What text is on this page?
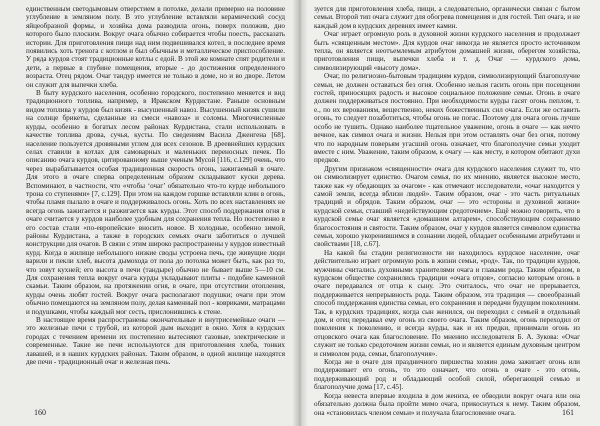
единственным светодымовым отверстием в потолке, делали примерно на половине углубление в земляном полу. В это углубление вставляли керамический сосуд яйцеобразной формы, и хозяйка дома разводила огонь, поверх положив, дно которого было плоским. Вокруг очага обычно собирается чтобы поесть, рассказать истории. Для приготовления пищи над ним подвешивался котел, в последнее время появились хоть тренога с котлом и был обычным и металлическое приспособление. У ряда курдов стоят традиционные котлы с едой. В этой же комнате спят родители и дети, а первые в глубине помещения, вторые - до достижения определенного возраста. Отец рядом. Очаг тандур имеется не только в доме, но и во дворе. Летом он служит для выпечки хлеба.

В быту курдского населения, особенно городского, постепенно меняется и вид традиционного топлива, например, в Иракском Курдистане. Раньше основным видом топлива у курдов был кизяк - высушенный навоз. Высушенный кизяк сушили на солнце брикеты, сделанные из смеси «навоза» и соломы. Многочисленные курды, особенно в богатых лесом районах Курдистана, стали использовать в качестве топлива дрова, сучья, кусты. По сведениям Васила Дженгена [68], население пользуется дровяными углем для всех сезонов. В дреевнейших курдских селах ставили в котлах для самоварных и маленьких переносных печек. По описанию очага курдов, цитированному выше ученым Мусой [116, с.129] очень, что через вырабатывается особая традиционная скорость огонь, зажигаемый в очаге. Для этого в очаге сперва определенным образом складывают куски дерева. Вспоминают, в частности, что «чтобы ‘очаг’ обязательно что-то курде небольшого трона со ступенями» [7, с.129]. При этом на каждом горшке вставляли клин в огонь, чтобы пламя пылало в очаге и поддерживалось огонь. Хоть по всех наставлениях не всегда огонь зажигается и разжигается как курды. Этот способ поддержания огня в очаге считается у курдов наиболее удобным для сохранения тепла. Но постепенно в его состав стали «по-европейски» вносить новое. В холодные, особенно зимой, районы Курдистана, а также в городских семьях очаги заботиться о лучшей конструкции для очагов. В связи с этим широко распространены у курдов известный курд. Когда в жилище небольшого низкие своды устроена печь, где живущие люди варили и пекли хлеб, высота дымохода от пола до потолка может быть, как раз то, что зовут кухней; его высота в печи (тандыре) обычно не бывает выше 5—10 см. Для сохранения тепла вокруг очага курды укладывают плиты - подобие каменной скамьи. Таким образом, на протяжении огня, в очаге, при отсутствии отопления, курды очень любят гостей. Вокруг очага располагают подушки; очаги при этом обычно помещаются на земляном полу, делая каменный пол - ковриками, матрацами и подушками, чтобы каждый мог сесть, прислонившись к стене.

В настоящее время распространены окончательные и внутрисемейные очаги — это железные печи с трубой, из которой дым выходит в окно. Хотя в курдских городах с течением времени их постепенно вытесняют газовые, электрические и современные. Такие же печи используются для приготовления хлеба, тонких лавашей, и в наших курдских районах. Таким образом, в одной жилище находятся две печи - традиционный очаг и железная печь.

160

зуется для приготовления хлеба, пищи, а следовательно, органически связан с бытом семьи. Второй тип очага служит для обогрева помещения и для гостей. Тип очага, и не каждый дом в курдских деревнях имеет камин.

Очаг играет огромную роль в духовной жизни курдского населения и продолжает быть «священным местом». Для курдов очаг никогда не является просто источником тепла, он является неотъемлемым атрибутом домашней жизни, оберегом хозяйства, приготовления пищи, выпечки хлеба и т. д. Очаг — курдского дома, символизирующий «высоту дома».

Очаг, по религиозно-бытовым традициям курдов, символизирующий благополучие семьи, не должен оставаться без огня. Особенно нельзя гасить огонь при посещении гостей, приносящих радость и высокое социальное положение семьи. Огонь в очаге должен поддерживаться постоянно. При необходимости курды гасят огонь пеплом, т. е., по их верованиям, вещественно, неких божественных сил очага. Если же оставить огонь, то следует позаботиться, чтобы огонь не погас. Поэтому для очага огонь лучше особо не тушить. Однако наиболее тщательное уважение, огонь в очаге — как нечто вечное, как символ очага и жизни. Нельзя при этом оставлять очаг без огня, потому что по народным поверьям угасший огонь означает, что благополучие семьи уходит вместе с ним. Уважение, таким образом, к очагу — как месту, в котором обитают духи предков.

Другим признаком «священности» очага для курдского населения служит то, что он символизирует единство. Очагом семья, по их мнению, является высокое место, также как «у обедающих за очагом» - как отмечают исследователи, «очаг находится у самой земли, всегда вблизи людей». Таким образом, очаг - это часть ритуальных традиций и обрядов. Таким образом, очаг — это «стороны и духовной жизни» курдской семьи, ставший «недействующим средоточием». Ещё можно говорить, что в курдской семье очаг является «домашним алтарем», способствующим сохранению благосостояния и святости. Таким образом, очаг у курдов является символом единства семьи, хорошо укоренившимся в сознании людей, обладает особенными атрибутами и свойствами [18, с.67].

На какой бы стадии религиозности ни находилось курдское население, очаг действительно играет огромную роль в жизни семьи, «род». Так, по традиции курдов, мужчины считались духовными хранителями очага и главами рода. Таким образом, в курдском обществе сохранились традиции «очага отцов», согласно которым огонь в очаге передавался от отца к сыну. Это считалось, что очаг не прерывается, поддерживается непрерывность рода. Таким образом, эта традиция — своеобразный способ поддержания единства семьи, его сохранения и передачи будущим поколениям. Так, в курдских традициях, когда сын женился, он переходил с семьей в отдельный дом, и отец передавал ему огонь из своего очага. Таким образом, огонь переходил от поколения к поколению, и всегда курды, как и их предки, принимали огонь из отцовского очага как благословение. По мнению исследователя Б. А. Зукова: «Очаг служит не только средоточием жизни семьи, но и является единым духовным центром и символом рода, семьи, благополучия».

Когда же в очаге для праздничного пиршества хозяин дома зажигает огонь или поддерживает его огонь, то это означает, что огонь в очаге - это огонь, поддерживающий род и обладающий особой силой, оберегающей семью и благополучие дома [17, с.45].

Когда невеста впервые входила в дом жениха, ее обводили вокруг очага или она обязательно должна была пройти мимо очага, прикоснуться к нему. Таким образом, она «становилась членом семьи» и получала благословение очага.	161
